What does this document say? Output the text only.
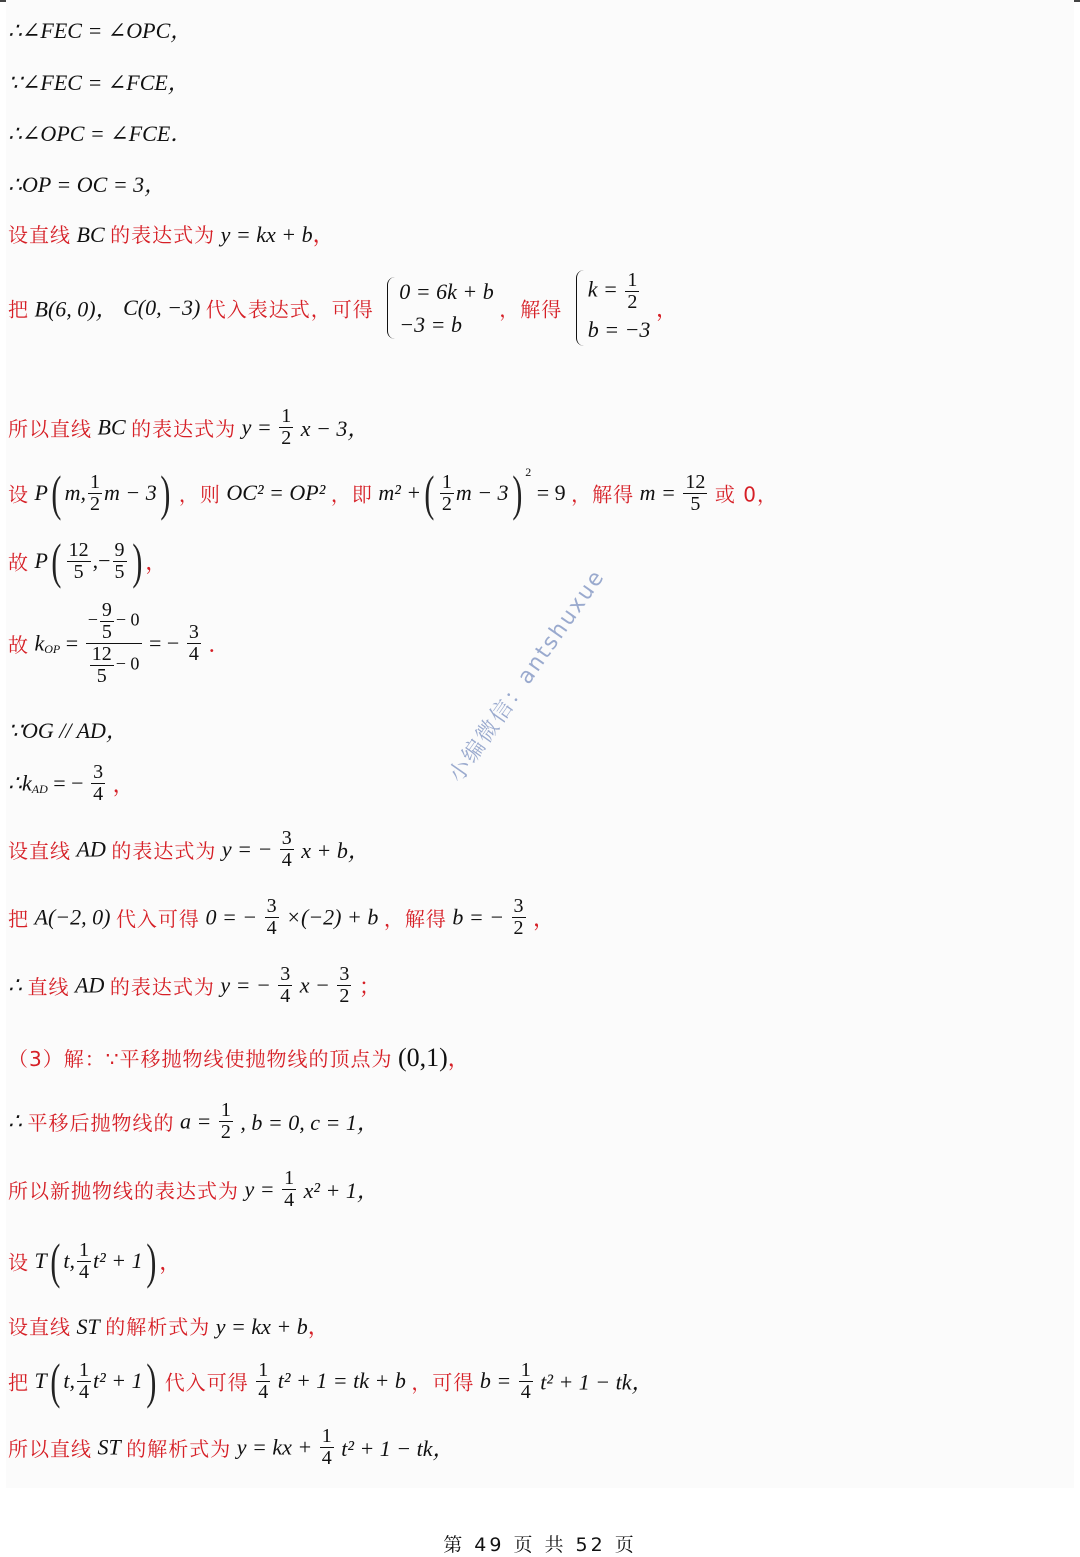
∴∠FEC = ∠OPC，
∵∠FEC = ∠FCE，
∴∠OPC = ∠FCE．
∴OP = OC = 3，
设直线 BC 的表达式为 y = kx + b，
把 B(6, 0)， C(0, −3) 代入表达式，可得
0 = 6k + b
−3 = b
，解得
$k = \frac{1}{2}$
b = −3
，
所以直线 BC 的表达式为 $y = \frac{1}{2}$ x − 3，
设 P( m, $\frac{1}{2}$ m − 3) ，则 OC² = OP² ，即 m² +( $\frac{1}{2}$ m − 3) $^2$ = 9 ，解得 $m = \frac{12}{5}$ 或 0，
故 $P( \frac{12}{5}$ ,− $\frac{9}{5}$ ) ，
故 $k_{OP} = \frac{- \frac{9}{5} - 0}{\frac{12}{5} - 0}$ = − $\frac{3}{4}$ ．
∵OG // AD，
$\therefore k_{AD}$ = − $\frac{3}{4}$ ，
设直线 AD 的表达式为 y = − $\frac{3}{4}$ x + b，
把 A(−2, 0) 代入可得 0 = − $\frac{3}{4} \times(-2) + b$ ，解得 b = − $\frac{3}{2}$ ，
∴ 直线 AD 的表达式为 y = − $\frac{3}{4}$ $x - \frac{3}{2}$ ；
（3）解：∵平移抛物线使抛物线的顶点为 (0,1)，
∴ 平移后抛物线的 $a = \frac{1}{2}$ , b = 0, c = 1，
所以新抛物线的表达式为 $y = \frac{1}{4} x^2 + 1$，
设 T( t, $\frac{1}{4} t^2 + 1$) ，
设直线 ST 的解析式为 y = kx + b，
把 T( t, $\frac{1}{4} t^2 + 1$) 代入可得 $\frac{1}{4} t^2 + 1$ = tk + b ，可得 $b = \frac{1}{4} t^2 + 1$ − tk，
所以直线 ST 的解析式为 y = kx + $\frac{1}{4} t^2 + 1$ − tk，
小编微信：antshuxue
第 49 页 共 52 页
